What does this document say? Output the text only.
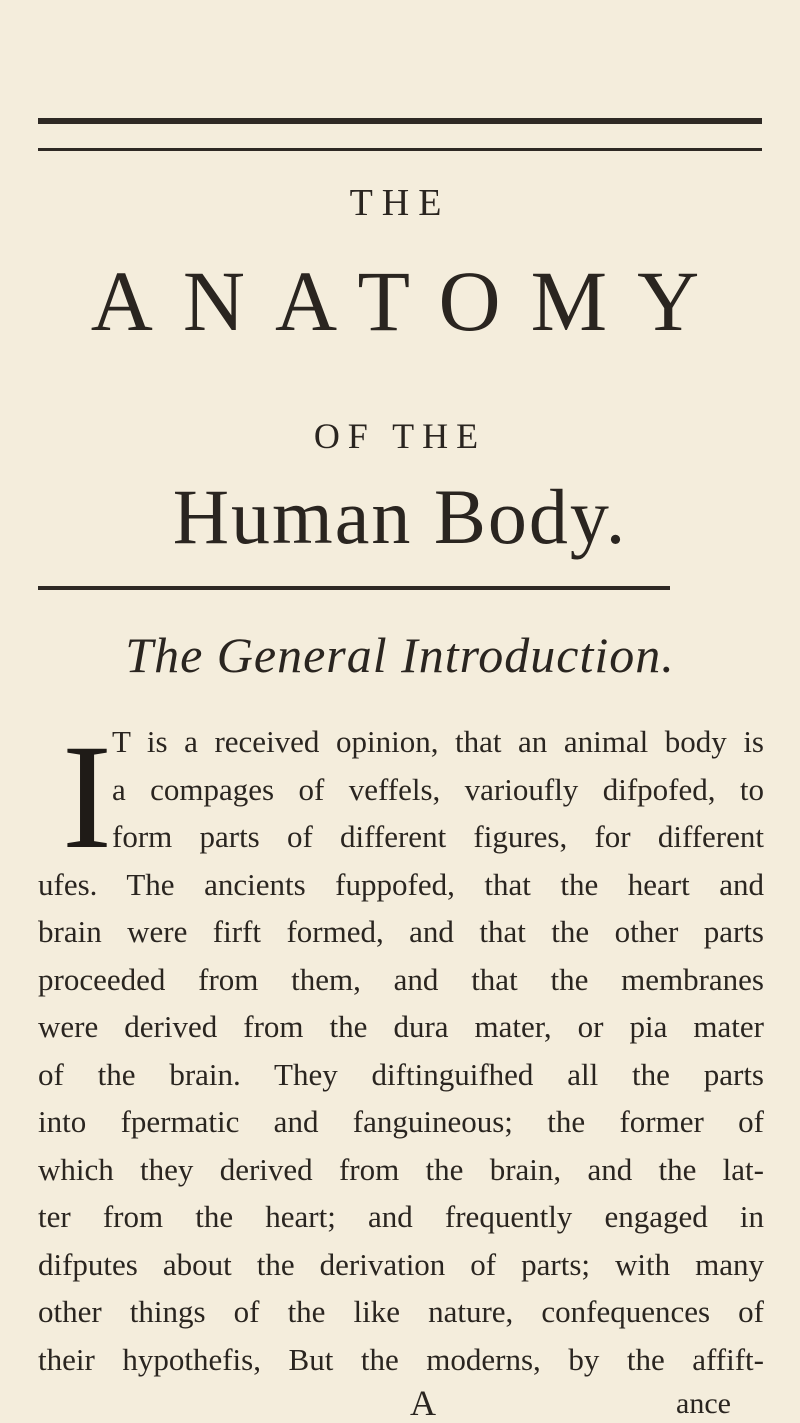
THE
ANATOMY
OF THE
Human Body.
The General Introduction.
I T is a received opinion, that an animal body is
a compages of veffels, varioufly difpofed, to
form parts of different figures, for different
ufes. The ancients fuppofed, that the heart and
brain were firft formed, and that the other parts
proceeded from them, and that the membranes
were derived from the dura mater, or pia mater
of the brain. They diftinguifhed all the parts
into fpermatic and fanguineous; the former of
which they derived from the brain, and the lat-
ter from the heart; and frequently engaged in
difputes about the derivation of parts; with many
other things of the like nature, confequences of
their hypothefis, But the moderns, by the affift-
A	ance
